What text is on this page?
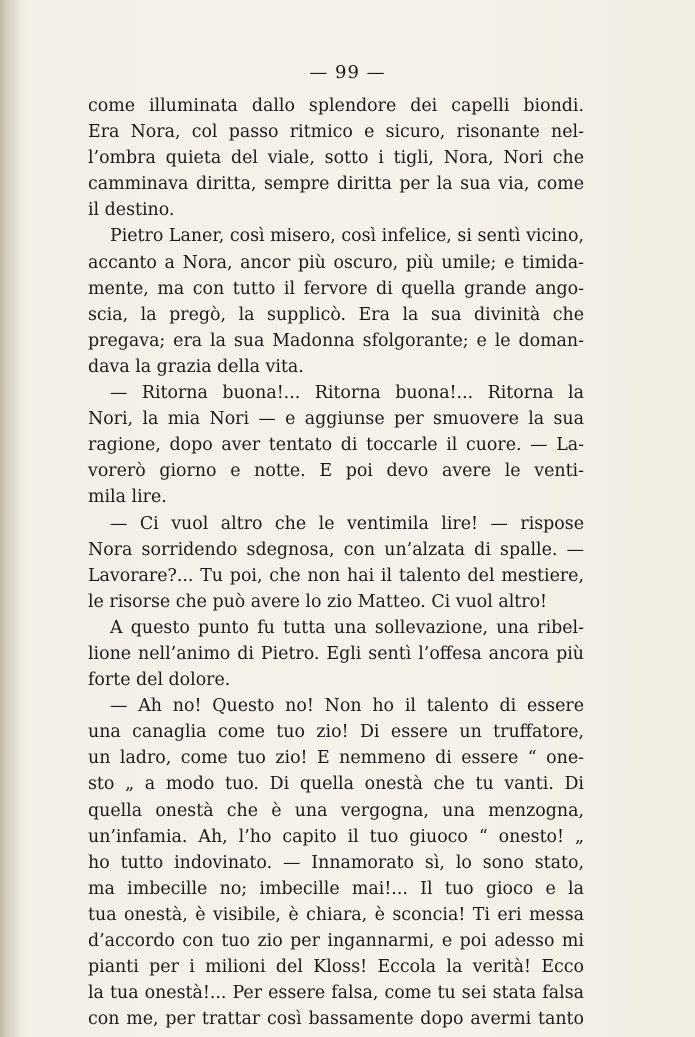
— 99 —
come illuminata dallo splendore dei capelli biondi.
Era Nora, col passo ritmico e sicuro, risonante nel-
l’ombra quieta del viale, sotto i tigli, Nora, Nori che
camminava diritta, sempre diritta per la sua via, come
il destino.
Pietro Laner, così misero, così infelice, si sentì vicino,
accanto a Nora, ancor più oscuro, più umile; e timida-
mente, ma con tutto il fervore di quella grande ango-
scia, la pregò, la supplicò. Era la sua divinità che
pregava; era la sua Madonna sfolgorante; e le doman-
dava la grazia della vita.
— Ritorna buona!... Ritorna buona!... Ritorna la
Nori, la mia Nori — e aggiunse per smuovere la sua
ragione, dopo aver tentato di toccarle il cuore. — La-
vorerò giorno e notte. E poi devo avere le venti-
mila lire.
— Ci vuol altro che le ventimila lire! — rispose
Nora sorridendo sdegnosa, con un’alzata di spalle. —
Lavorare?... Tu poi, che non hai il talento del mestiere,
le risorse che può avere lo zio Matteo. Ci vuol altro!
A questo punto fu tutta una sollevazione, una ribel-
lione nell’animo di Pietro. Egli sentì l’offesa ancora più
forte del dolore.
— Ah no! Questo no! Non ho il talento di essere
una canaglia come tuo zio! Di essere un truffatore,
un ladro, come tuo zio! E nemmeno di essere “ one-
sto „ a modo tuo. Di quella onestà che tu vanti. Di
quella onestà che è una vergogna, una menzogna,
un’infamia. Ah, l’ho capito il tuo giuoco “ onesto! „
ho tutto indovinato. — Innamorato sì, lo sono stato,
ma imbecille no; imbecille mai!... Il tuo gioco e la
tua onestà, è visibile, è chiara, è sconcia! Ti eri messa
d’accordo con tuo zio per ingannarmi, e poi adesso mi
pianti per i milioni del Kloss! Eccola la verità! Ecco
la tua onestà!... Per essere falsa, come tu sei stata falsa
con me, per trattar così bassamente dopo avermi tanto
